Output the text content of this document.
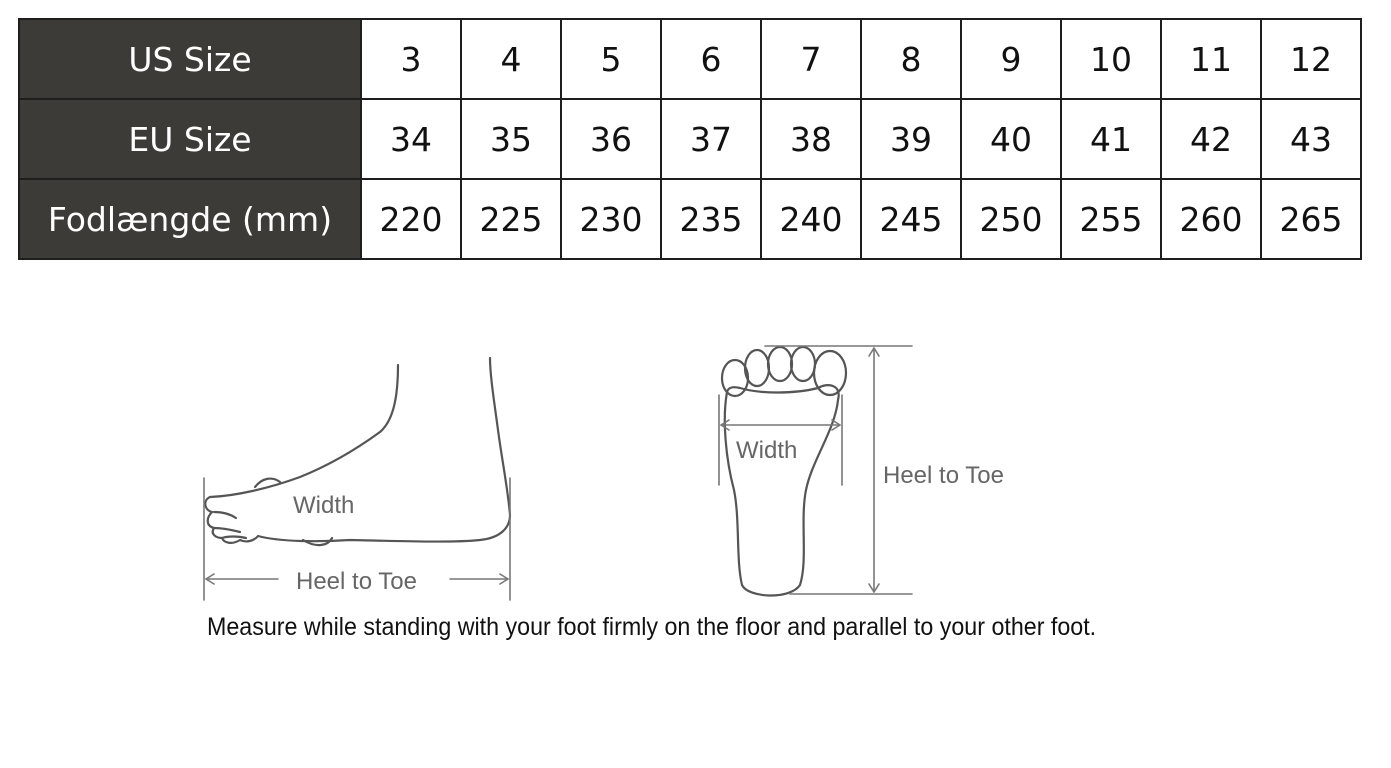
US Size	3	4	5	6	7	8	9	10	11	12
EU Size	34	35	36	37	38	39	40	41	42	43
Fodlængde (mm)	220	225	230	235	240	245	250	255	260	265
Width
Heel to Toe
Width
Heel to Toe
Measure while standing with your foot firmly on the floor and parallel to your other foot.
